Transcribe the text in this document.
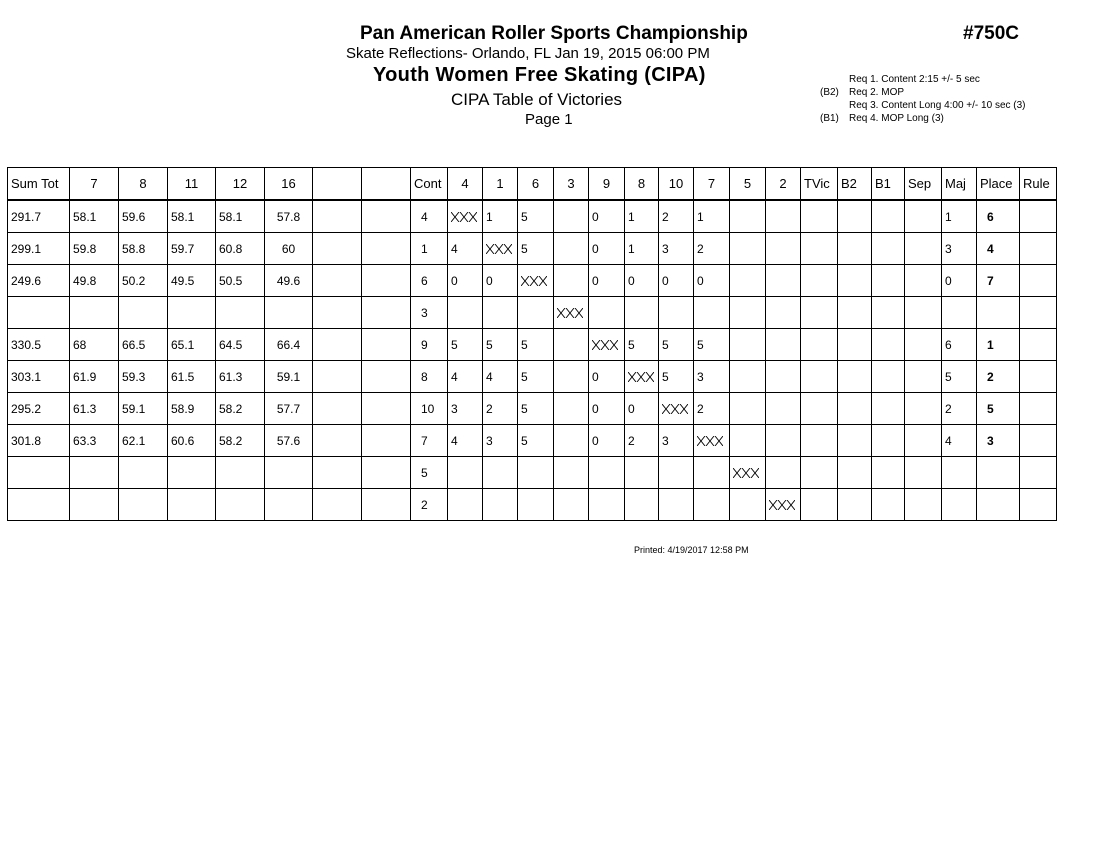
Pan American Roller Sports Championship	#750C
Skate Reflections- Orlando, FL Jan 19, 2015 06:00 PM
Youth Women Free Skating (CIPA)
CIPA Table of Victories
Page 1
Req 1. Content 2:15 +/- 5 sec
(B2) Req 2. MOP
Req 3. Content Long 4:00 +/- 10 sec (3)
(B1) Req 4. MOP Long (3)
Sum Tot	7	8	11	12	16			Cont	4	1	6	3	9	8	10	7	5	2	TVic	B2	B1	Sep	Maj	Place	Rule
291.7	58.1	59.6	58.1	58.1	57.8			4		1	5		0	1	2	1							1	6	
299.1	59.8	58.8	59.7	60.8	60			1	4		5		0	1	3	2							3	4	
249.6	49.8	50.2	49.5	50.5	49.6			6	0	0			0	0	0	0							0	7	
								3																	
330.5	68	66.5	65.1	64.5	66.4			9	5	5	5			5	5	5							6	1	
303.1	61.9	59.3	61.5	61.3	59.1			8	4	4	5		0		5	3							5	2	
295.2	61.3	59.1	58.9	58.2	57.7			10	3	2	5		0	0		2							2	5	
301.8	63.3	62.1	60.6	58.2	57.6			7	4	3	5		0	2	3								4	3	
								5																	
								2																	
Printed: 4/19/2017 12:58 PM
